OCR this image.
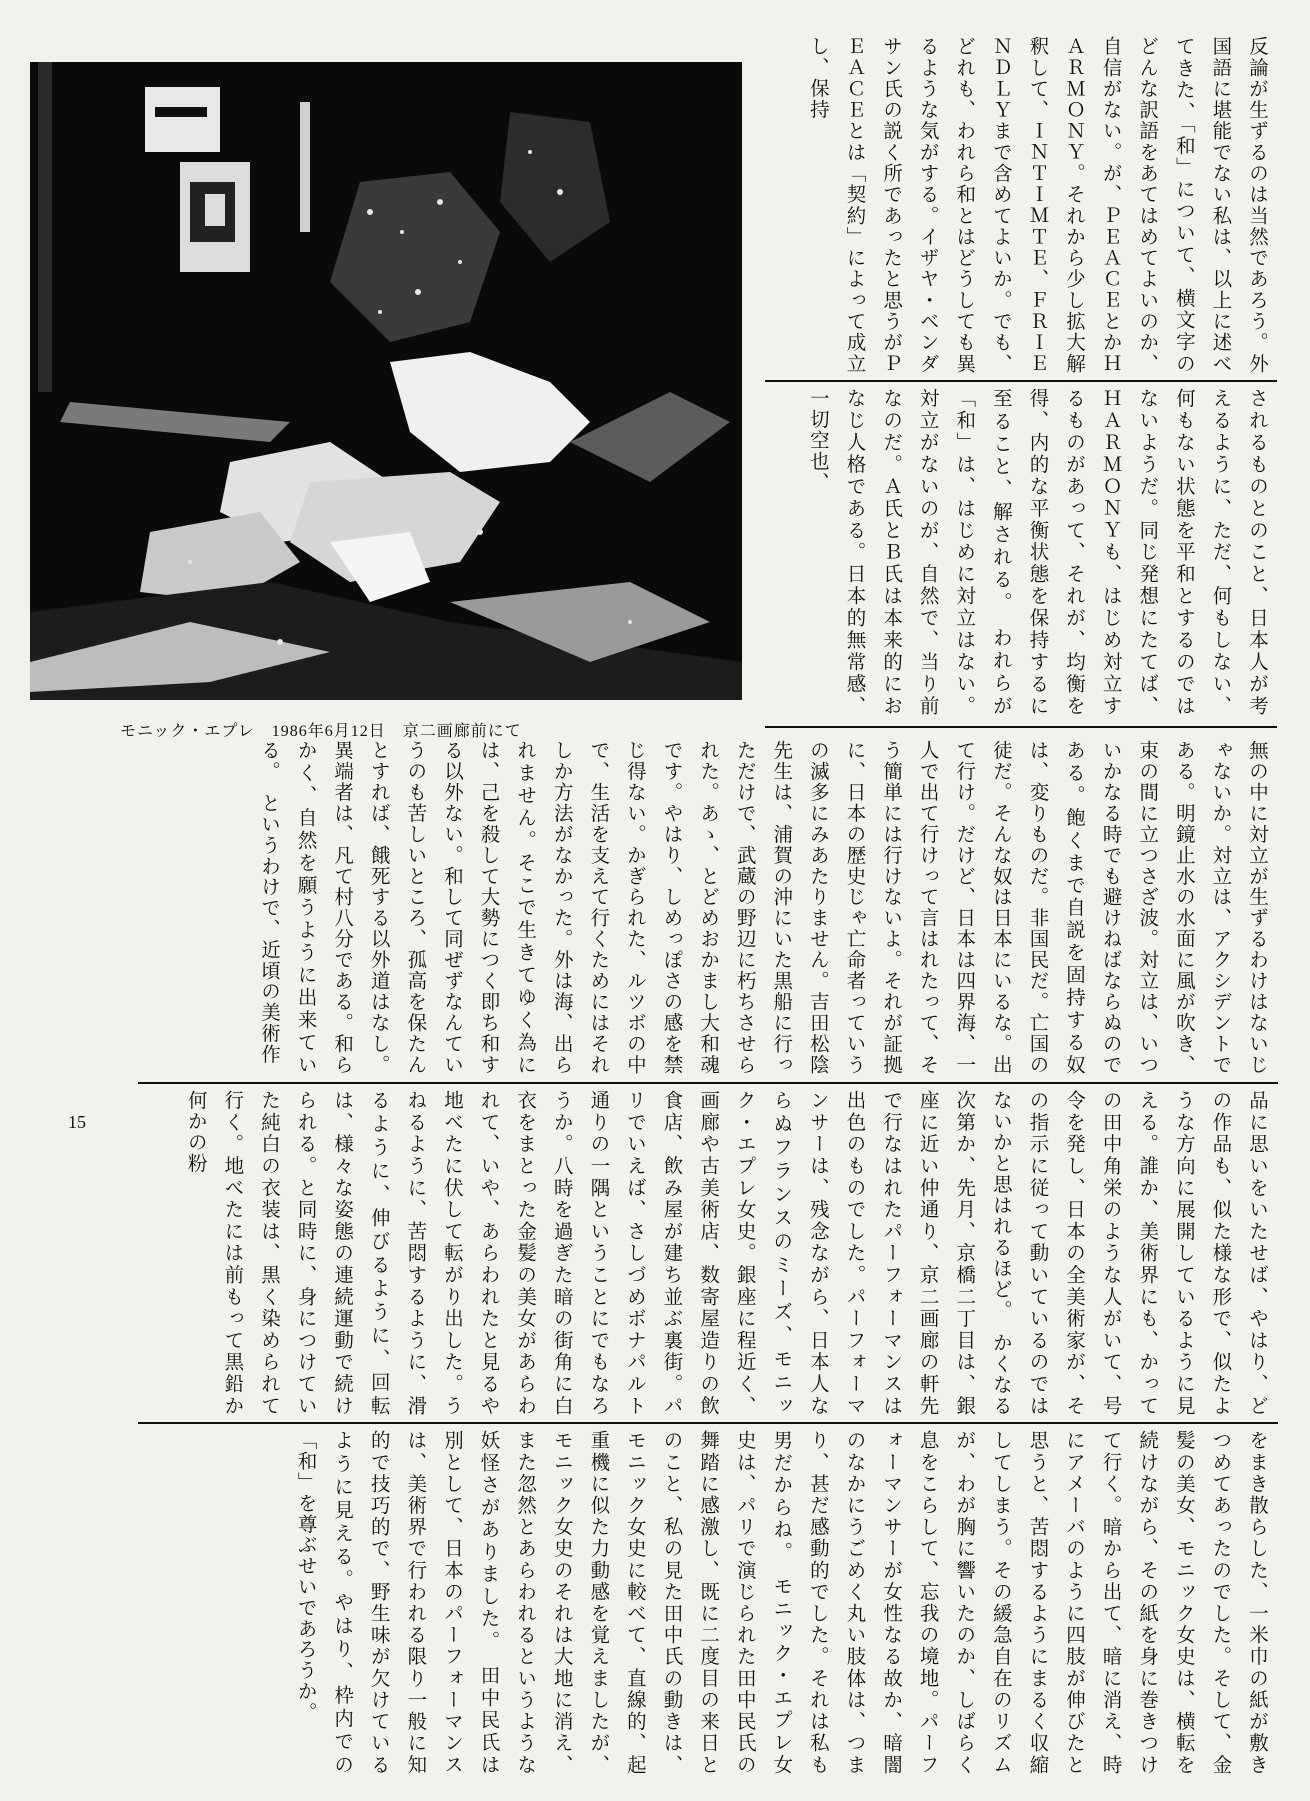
モニック・エプレ　1986年6月12日　京二画廊前にて
反論が生ずるのは当然であろう。外国語に堪能でない私は、以上に述べてきた、「和」について、横文字のどんな訳語をあてはめてよいのか、自信がない。が、ＰＥＡＣＥとかＨＡＲＭＯＮＹ。それから少し拡大解釈して、ＩＮＴＩＭＴＥ、ＦＲＩＥＮＤＬＹまで含めてよいか。でも、どれも、われら和とはどうしても異るような気がする。イザヤ・ベンダサン氏の説く所であったと思うがＰＥＡＣＥとは「契約」によって成立し、保持
されるものとのこと、日本人が考えるように、ただ、何もしない、何もない状態を平和とするのではないようだ。同じ発想にたてば、ＨＡＲＭＯＮＹも、はじめ対立するものがあって、それが、均衡を得、内的な平衡状態を保持するに至ること、解される。　われらが「和」は、はじめに対立はない。対立がないのが、自然で、当り前なのだ。Ａ氏とＢ氏は本来的におなじ人格である。日本的無常感、一切空也、
無の中に対立が生ずるわけはないじゃないか。対立は、アクシデントである。明鏡止水の水面に風が吹き、束の間に立つさざ波。対立は、いついかなる時でも避けねばならぬのである。飽くまで自説を固持する奴は、変りものだ。非国民だ。亡国の徒だ。そんな奴は日本にいるな。出て行け。だけど、日本は四界海、一人で出て行けって言はれたって、そう簡単には行けないよ。それが証拠に、日本の歴史じゃ亡命者っていうの滅多にみあたりません。吉田松陰先生は、浦賀の沖にいた黒船に行っただけで、武蔵の野辺に朽ちさせられた。あゝ、とどめおかまし大和魂です。やはり、しめっぽさの感を禁じ得ない。かぎられた、ルツボの中で、生活を支えて行くためにはそれしか方法がなかった。外は海、出られません。そこで生きてゆく為には、己を殺して大勢につく即ち和する以外ない。和して同ぜずなんていうのも苦しいところ、孤高を保たんとすれば、餓死する以外道はなし。異端者は、凡て村八分である。和らかく、自然を願うように出来ている。　というわけで、近頃の美術作
品に思いをいたせば、やはり、どの作品も、似た様な形で、似たような方向に展開しているように見える。誰か、美術界にも、かっての田中角栄のような人がいて、号令を発し、日本の全美術家が、その指示に従って動いているのではないかと思はれるほど。　かくなる次第か、先月、京橋二丁目は、銀座に近い仲通り、京二画廊の軒先で行なはれたパーフォーマンスは出色のものでした。パーフォーマンサーは、残念ながら、日本人ならぬフランスのミーズ、モニック・エプレ女史。銀座に程近く、画廊や古美術店、数寄屋造りの飲食店、飲み屋が建ち並ぶ裏街。パリでいえば、さしづめボナパルト通りの一隅ということにでもなろうか。八時を過ぎた暗の街角に白衣をまとった金髪の美女があらわれて、いや、あらわれたと見るや地べたに伏して転がり出した。うねるように、苦悶するように、滑るように、伸びるように、回転は、様々な姿態の連続運動で続けられる。と同時に、身につけていた純白の衣装は、黒く染められて行く。地べたには前もって黒鉛か何かの粉
をまき散らした、一米巾の紙が敷きつめてあったのでした。そして、金髪の美女、モニック女史は、横転を続けながら、その紙を身に巻きつけて行く。暗から出て、暗に消え、時にアメーバのように四肢が伸びたと思うと、苦悶するようにまるく収縮してしまう。その緩急自在のリズムが、わが胸に響いたのか、しばらく息をこらして、忘我の境地。パーフォーマンサーが女性なる故か、暗闇のなかにうごめく丸い肢体は、つまり、甚だ感動的でした。それは私も男だからね。　モニック・エプレ女史は、パリで演じられた田中民氏の舞踏に感激し、既に二度目の来日とのこと、私の見た田中氏の動きは、モニック女史に較べて、直線的、起重機に似た力動感を覚えましたが、モニック女史のそれは大地に消え、また忽然とあらわれるというような妖怪さがありました。　田中民氏は別として、日本のパーフォーマンスは、美術界で行われる限り一般に知的で技巧的で、野生味が欠けているように見える。やはり、枠内での「和」を尊ぶせいであろうか。
15
